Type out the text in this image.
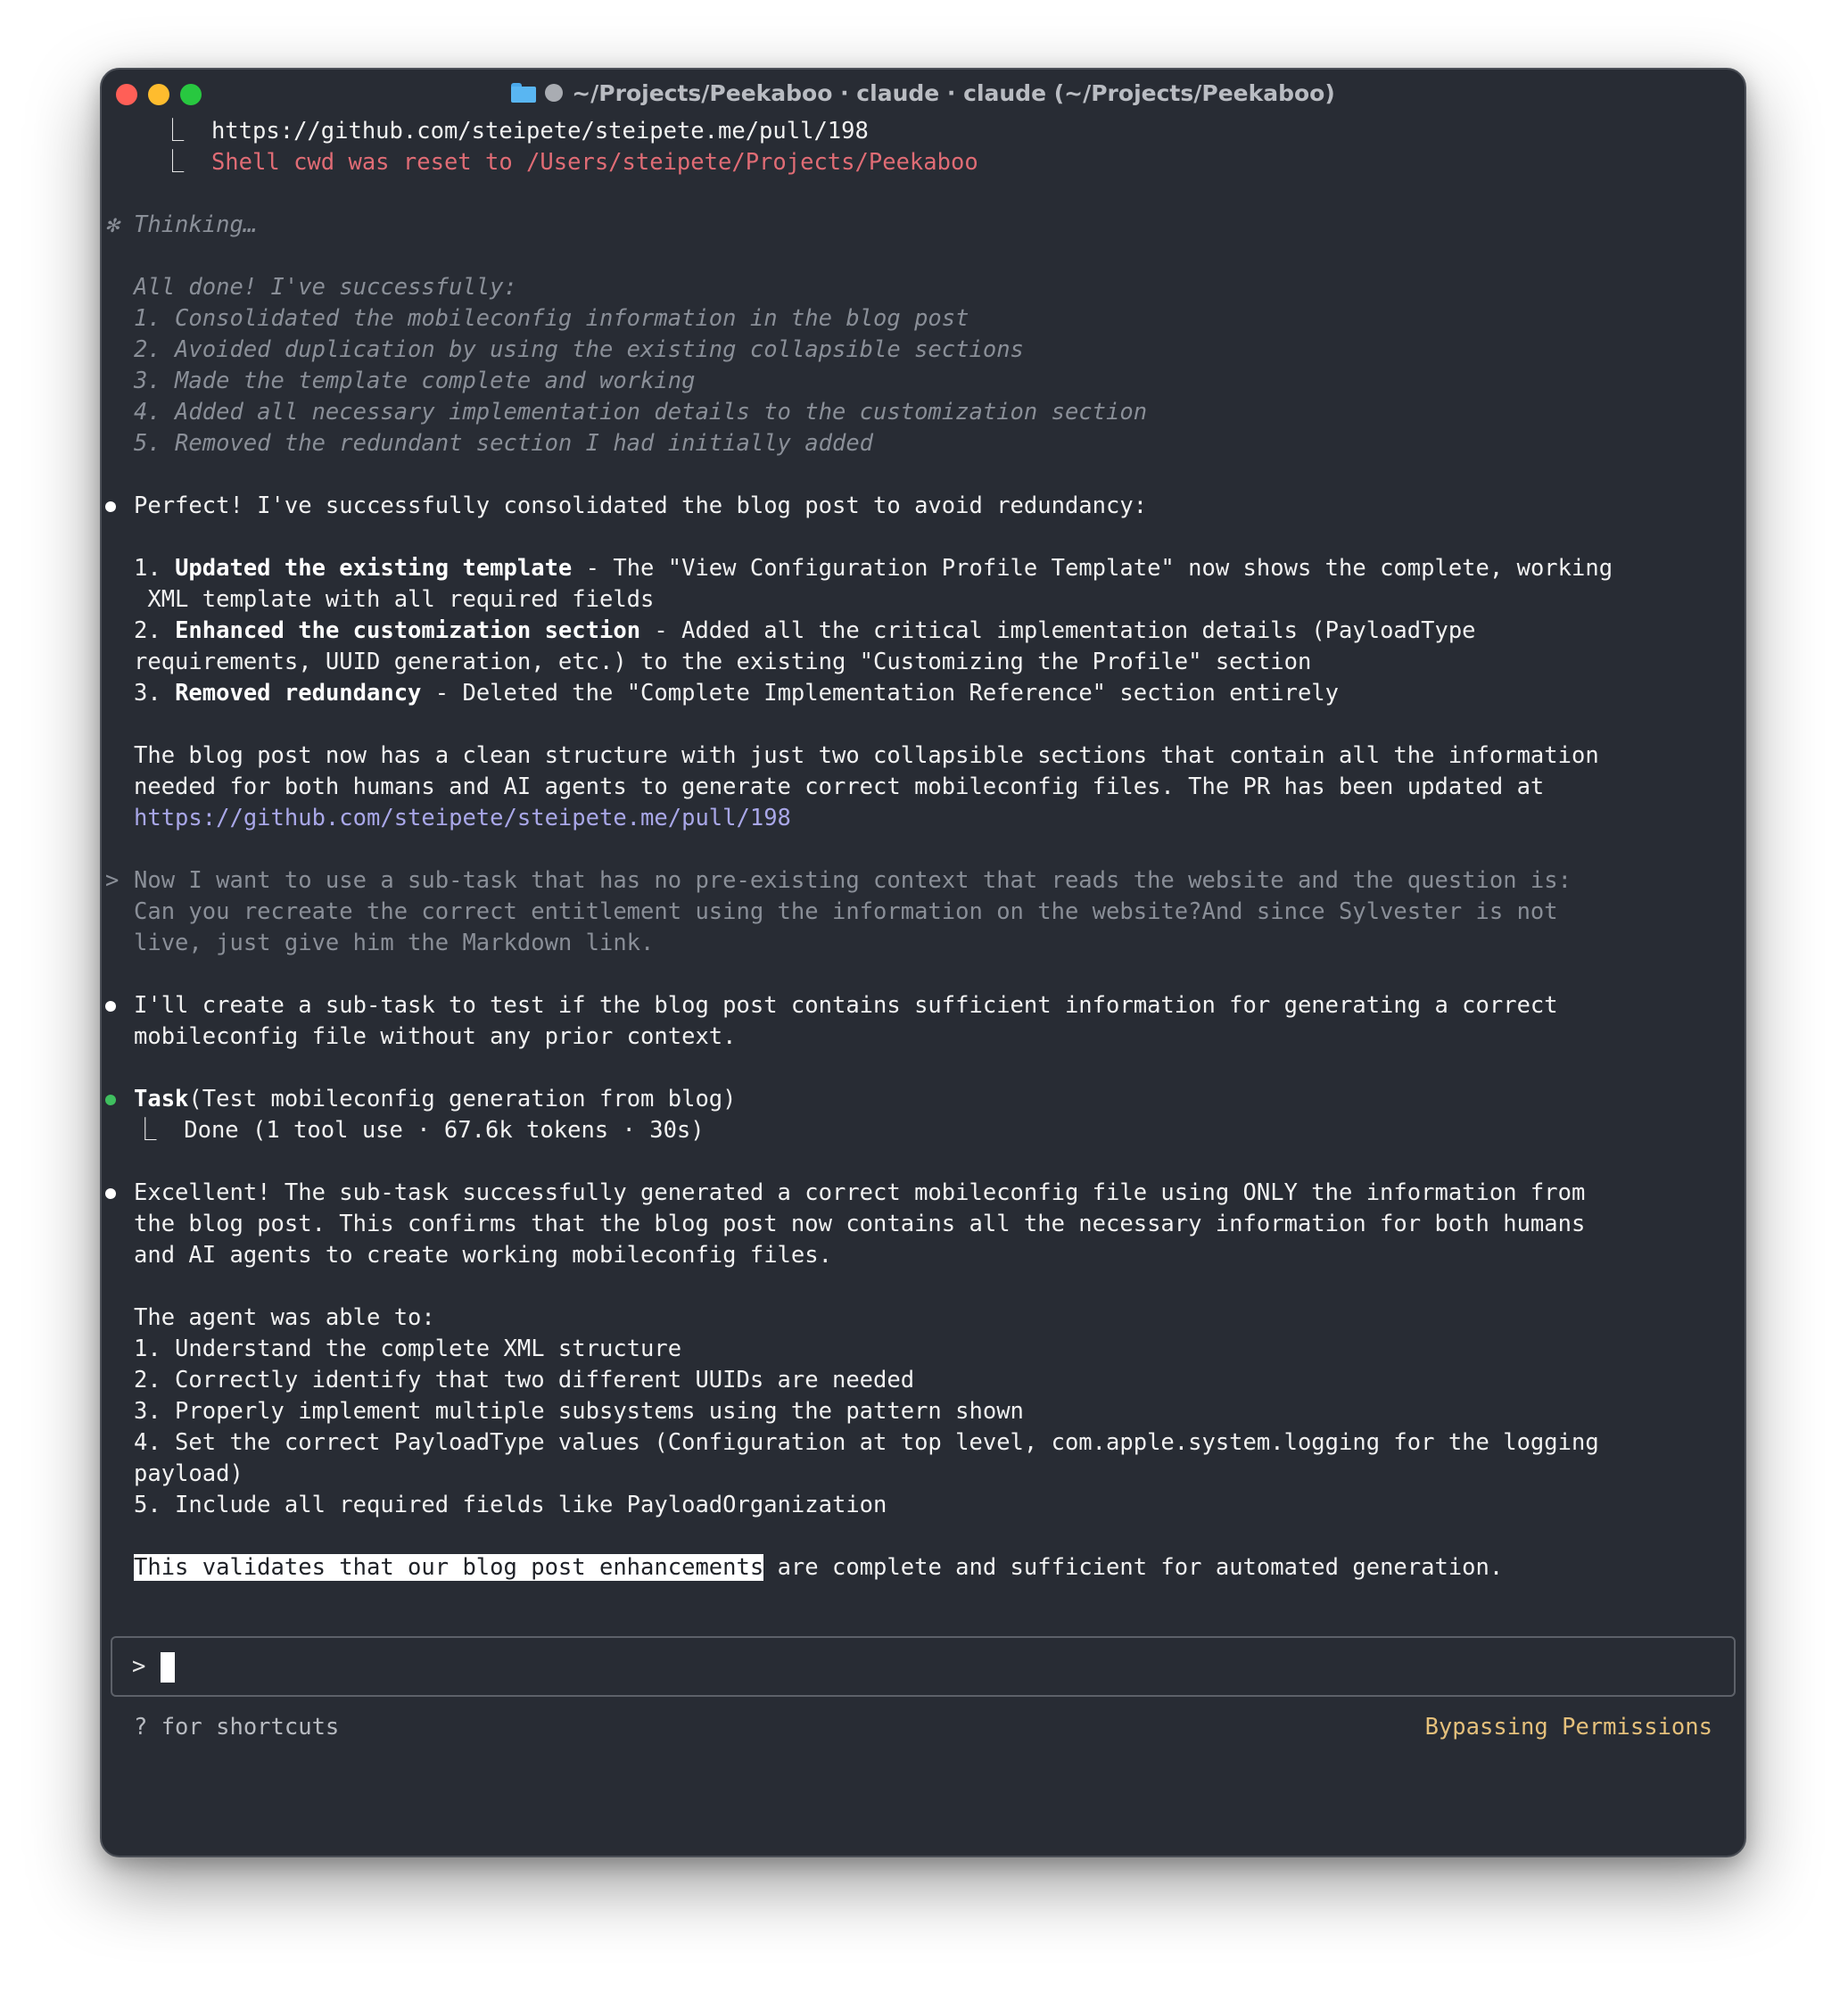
~/Projects/Peekaboo · claude · claude (~/Projects/Peekaboo)
⎿ https://github.com/steipete/steipete.me/pull/198
⎿ Shell cwd was reset to /Users/steipete/Projects/Peekaboo
✻ Thinking…
All done! I've successfully:
1. Consolidated the mobileconfig information in the blog post
2. Avoided duplication by using the existing collapsible sections
3. Made the template complete and working
4. Added all necessary implementation details to the customization section
5. Removed the redundant section I had initially added
Perfect! I've successfully consolidated the blog post to avoid redundancy:
1. Updated the existing template - The "View Configuration Profile Template" now shows the complete, working
XML template with all required fields
2. Enhanced the customization section - Added all the critical implementation details (PayloadType
requirements, UUID generation, etc.) to the existing "Customizing the Profile" section
3. Removed redundancy - Deleted the "Complete Implementation Reference" section entirely
The blog post now has a clean structure with just two collapsible sections that contain all the information
needed for both humans and AI agents to generate correct mobileconfig files. The PR has been updated at
https://github.com/steipete/steipete.me/pull/198
> Now I want to use a sub-task that has no pre-existing context that reads the website and the question is:
Can you recreate the correct entitlement using the information on the website?And since Sylvester is not
live, just give him the Markdown link.
I'll create a sub-task to test if the blog post contains sufficient information for generating a correct
mobileconfig file without any prior context.
Task(Test mobileconfig generation from blog)
⎿ Done (1 tool use · 67.6k tokens · 30s)
Excellent! The sub-task successfully generated a correct mobileconfig file using ONLY the information from
the blog post. This confirms that the blog post now contains all the necessary information for both humans
and AI agents to create working mobileconfig files.
The agent was able to:
1. Understand the complete XML structure
2. Correctly identify that two different UUIDs are needed
3. Properly implement multiple subsystems using the pattern shown
4. Set the correct PayloadType values (Configuration at top level, com.apple.system.logging for the logging
payload)
5. Include all required fields like PayloadOrganization
This validates that our blog post enhancements are complete and sufficient for automated generation.
>
? for shortcuts	Bypassing Permissions
